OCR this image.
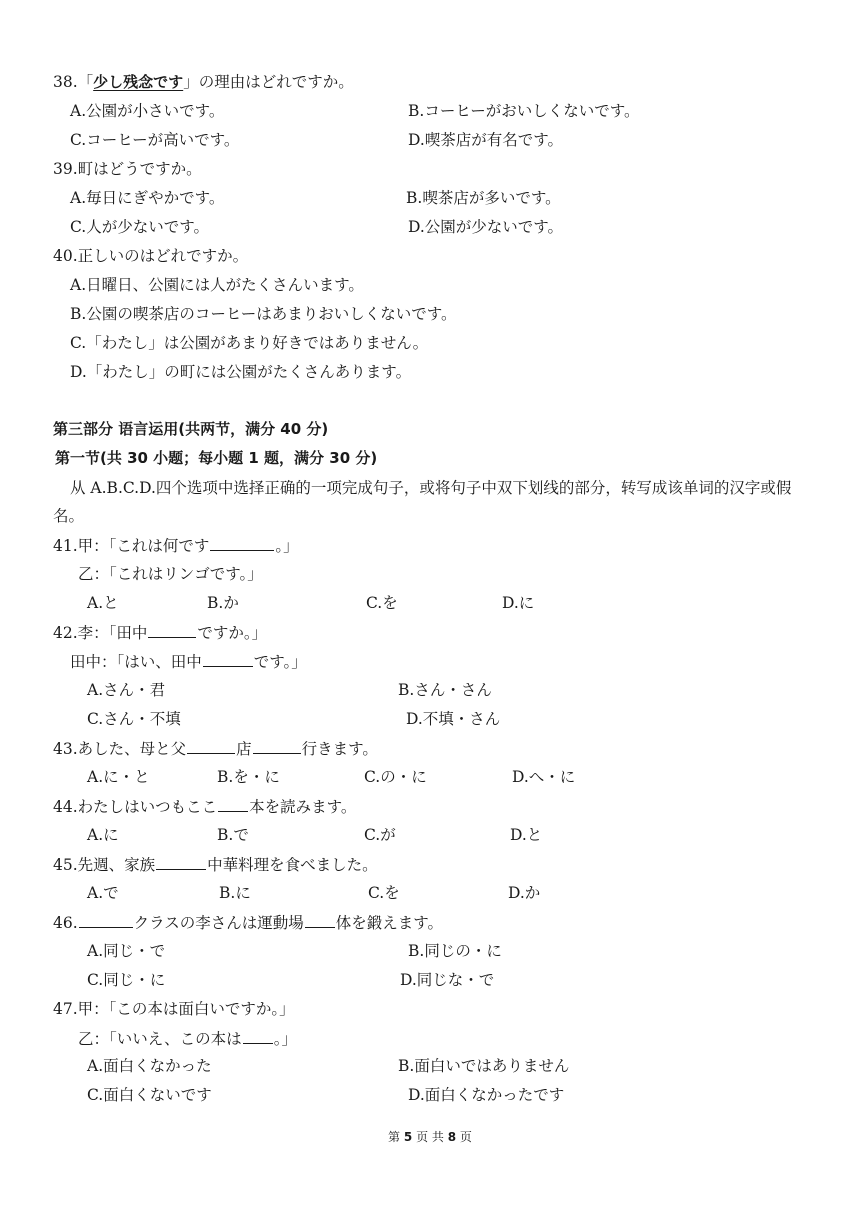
38.「少し残念です」の理由はどれですか。
A.公園が小さいです。	B.コーヒーがおいしくないです。
C.コーヒーが高いです。	D.喫茶店が有名です。
39.町はどうですか。
A.毎日にぎやかです。	B.喫茶店が多いです。
C.人が少ないです。	D.公園が少ないです。
40.正しいのはどれですか。
A.日曜日、公園には人がたくさんいます。
B.公園の喫茶店のコーヒーはあまりおいしくないです。
C.「わたし」は公園があまり好きではありません。
D.「わたし」の町には公園がたくさんあります。
第三部分 语言运用(共两节，满分 40 分)
第一节(共 30 小题；每小题 1 题，满分 30 分)
从 A.B.C.D.四个选项中选择正确的一项完成句子，或将句子中双下划线的部分，转写成该单词的汉字或假名。
41.甲：「これは何です	。」
乙：「これはリンゴです。」
A.と	B.か	C.を	D.に
42.李：「田中	ですか。」
田中：「はい、田中	です。」
A.さん・君	B.さん・さん
C.さん・不填	D.不填・さん
43.あした、母と父	店	行きます。
A.に・と	B.を・に	C.の・に	D.へ・に
44.わたしはいつもここ 本を読みます。
A.に	B.で	C.が	D.と
45.先週、家族	中華料理を食べました。
A.で	B.に	C.を	D.か
46.	クラスの李さんは運動場 体を鍛えます。
A.同じ・で	B.同じの・に
C.同じ・に	D.同じな・で
47.甲：「この本は面白いですか。」
乙：「いいえ、この本は 。」
A.面白くなかった	B.面白いではありません
C.面白くないです	D.面白くなかったです
第 5 页 共 8 页
